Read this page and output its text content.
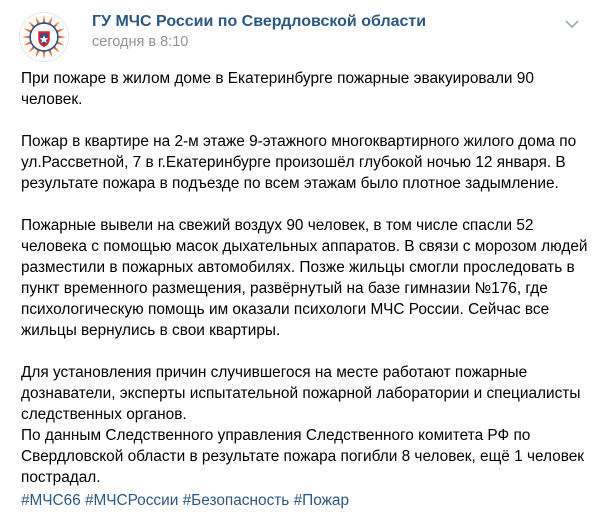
ГУ МЧС России по Свердловской области
сегодня в 8:10
При пожаре в жилом доме в Екатеринбурге пожарные эвакуировали 90
человек.
Пожар в квартире на 2-м этаже 9-этажного многоквартирного жилого дома по
ул.Рассветной, 7 в г.Екатеринбурге произошёл глубокой ночью 12 января. В
результате пожара в подъезде по всем этажам было плотное задымление.
Пожарные вывели на свежий воздух 90 человек, в том числе спасли 52
человека с помощью масок дыхательных аппаратов. В связи с морозом людей
разместили в пожарных автомобилях. Позже жильцы смогли проследовать в
пункт временного размещения, развёрнутый на базе гимназии №176, где
психологическую помощь им оказали психологи МЧС России. Сейчас все
жильцы вернулись в свои квартиры.
Для установления причин случившегося на месте работают пожарные
дознаватели, эксперты испытательной пожарной лаборатории и специалисты
следственных органов.
По данным Следственного управления Следственного комитета РФ по
Свердловской области в результате пожара погибли 8 человек, ещё 1 человек
пострадал.
#МЧС66 #МЧСРоссии #Безопасность #Пожар
